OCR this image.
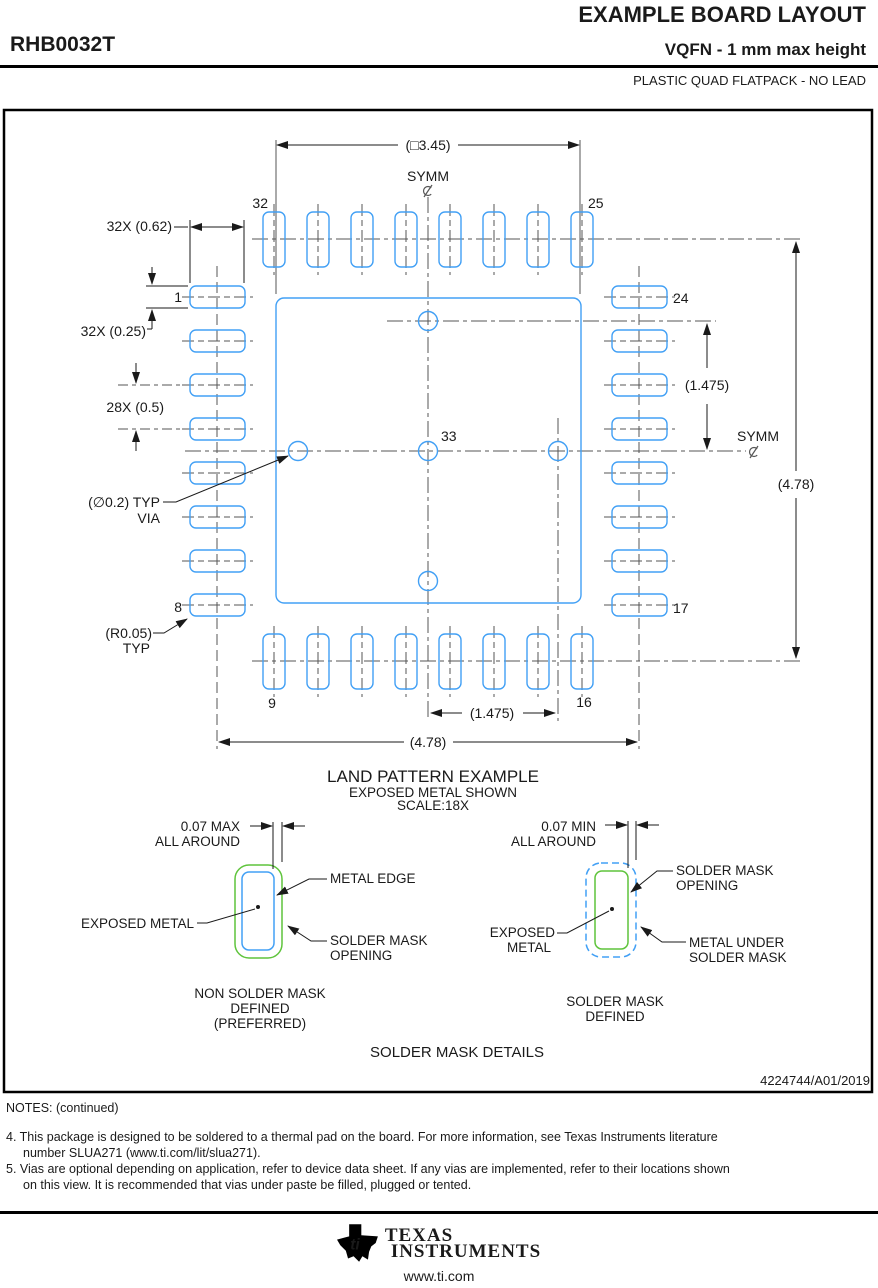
EXAMPLE BOARD LAYOUT
RHB0032T	VQFN - 1 mm max height
PLASTIC QUAD FLATPACK - NO LEAD
(□3.45)
SYMM
32	25
1	24
8	17
9	16
33
32X (0.62)
32X (0.25)
28X (0.5)
(∅0.2) TYP
VIA
(R0.05)
TYP
(1.475)
SYMM
(4.78)
(1.475)
(4.78)
LAND PATTERN EXAMPLE
EXPOSED METAL SHOWN
SCALE:18X
0.07 MAX
ALL AROUND
METAL EDGE
EXPOSED METAL
SOLDER MASK
OPENING
NON SOLDER MASK
DEFINED
(PREFERRED)
0.07 MIN
ALL AROUND
SOLDER MASK
OPENING
EXPOSED
METAL	METAL UNDER
SOLDER MASK
SOLDER MASK
DEFINED
SOLDER MASK DETAILS
4224744/A 01/2019
NOTES: (continued)
4. This package is designed to be soldered to a thermal pad on the board. For more information, see Texas Instruments literature
number SLUA271 (www.ti.com/lit/slua271).
5. Vias are optional depending on application, refer to device data sheet. If any vias are implemented, refer to their locations shown
on this view. It is recommended that vias under paste be filled, plugged or tented.
ti TEXAS
INSTRUMENTS
www.ti.com
